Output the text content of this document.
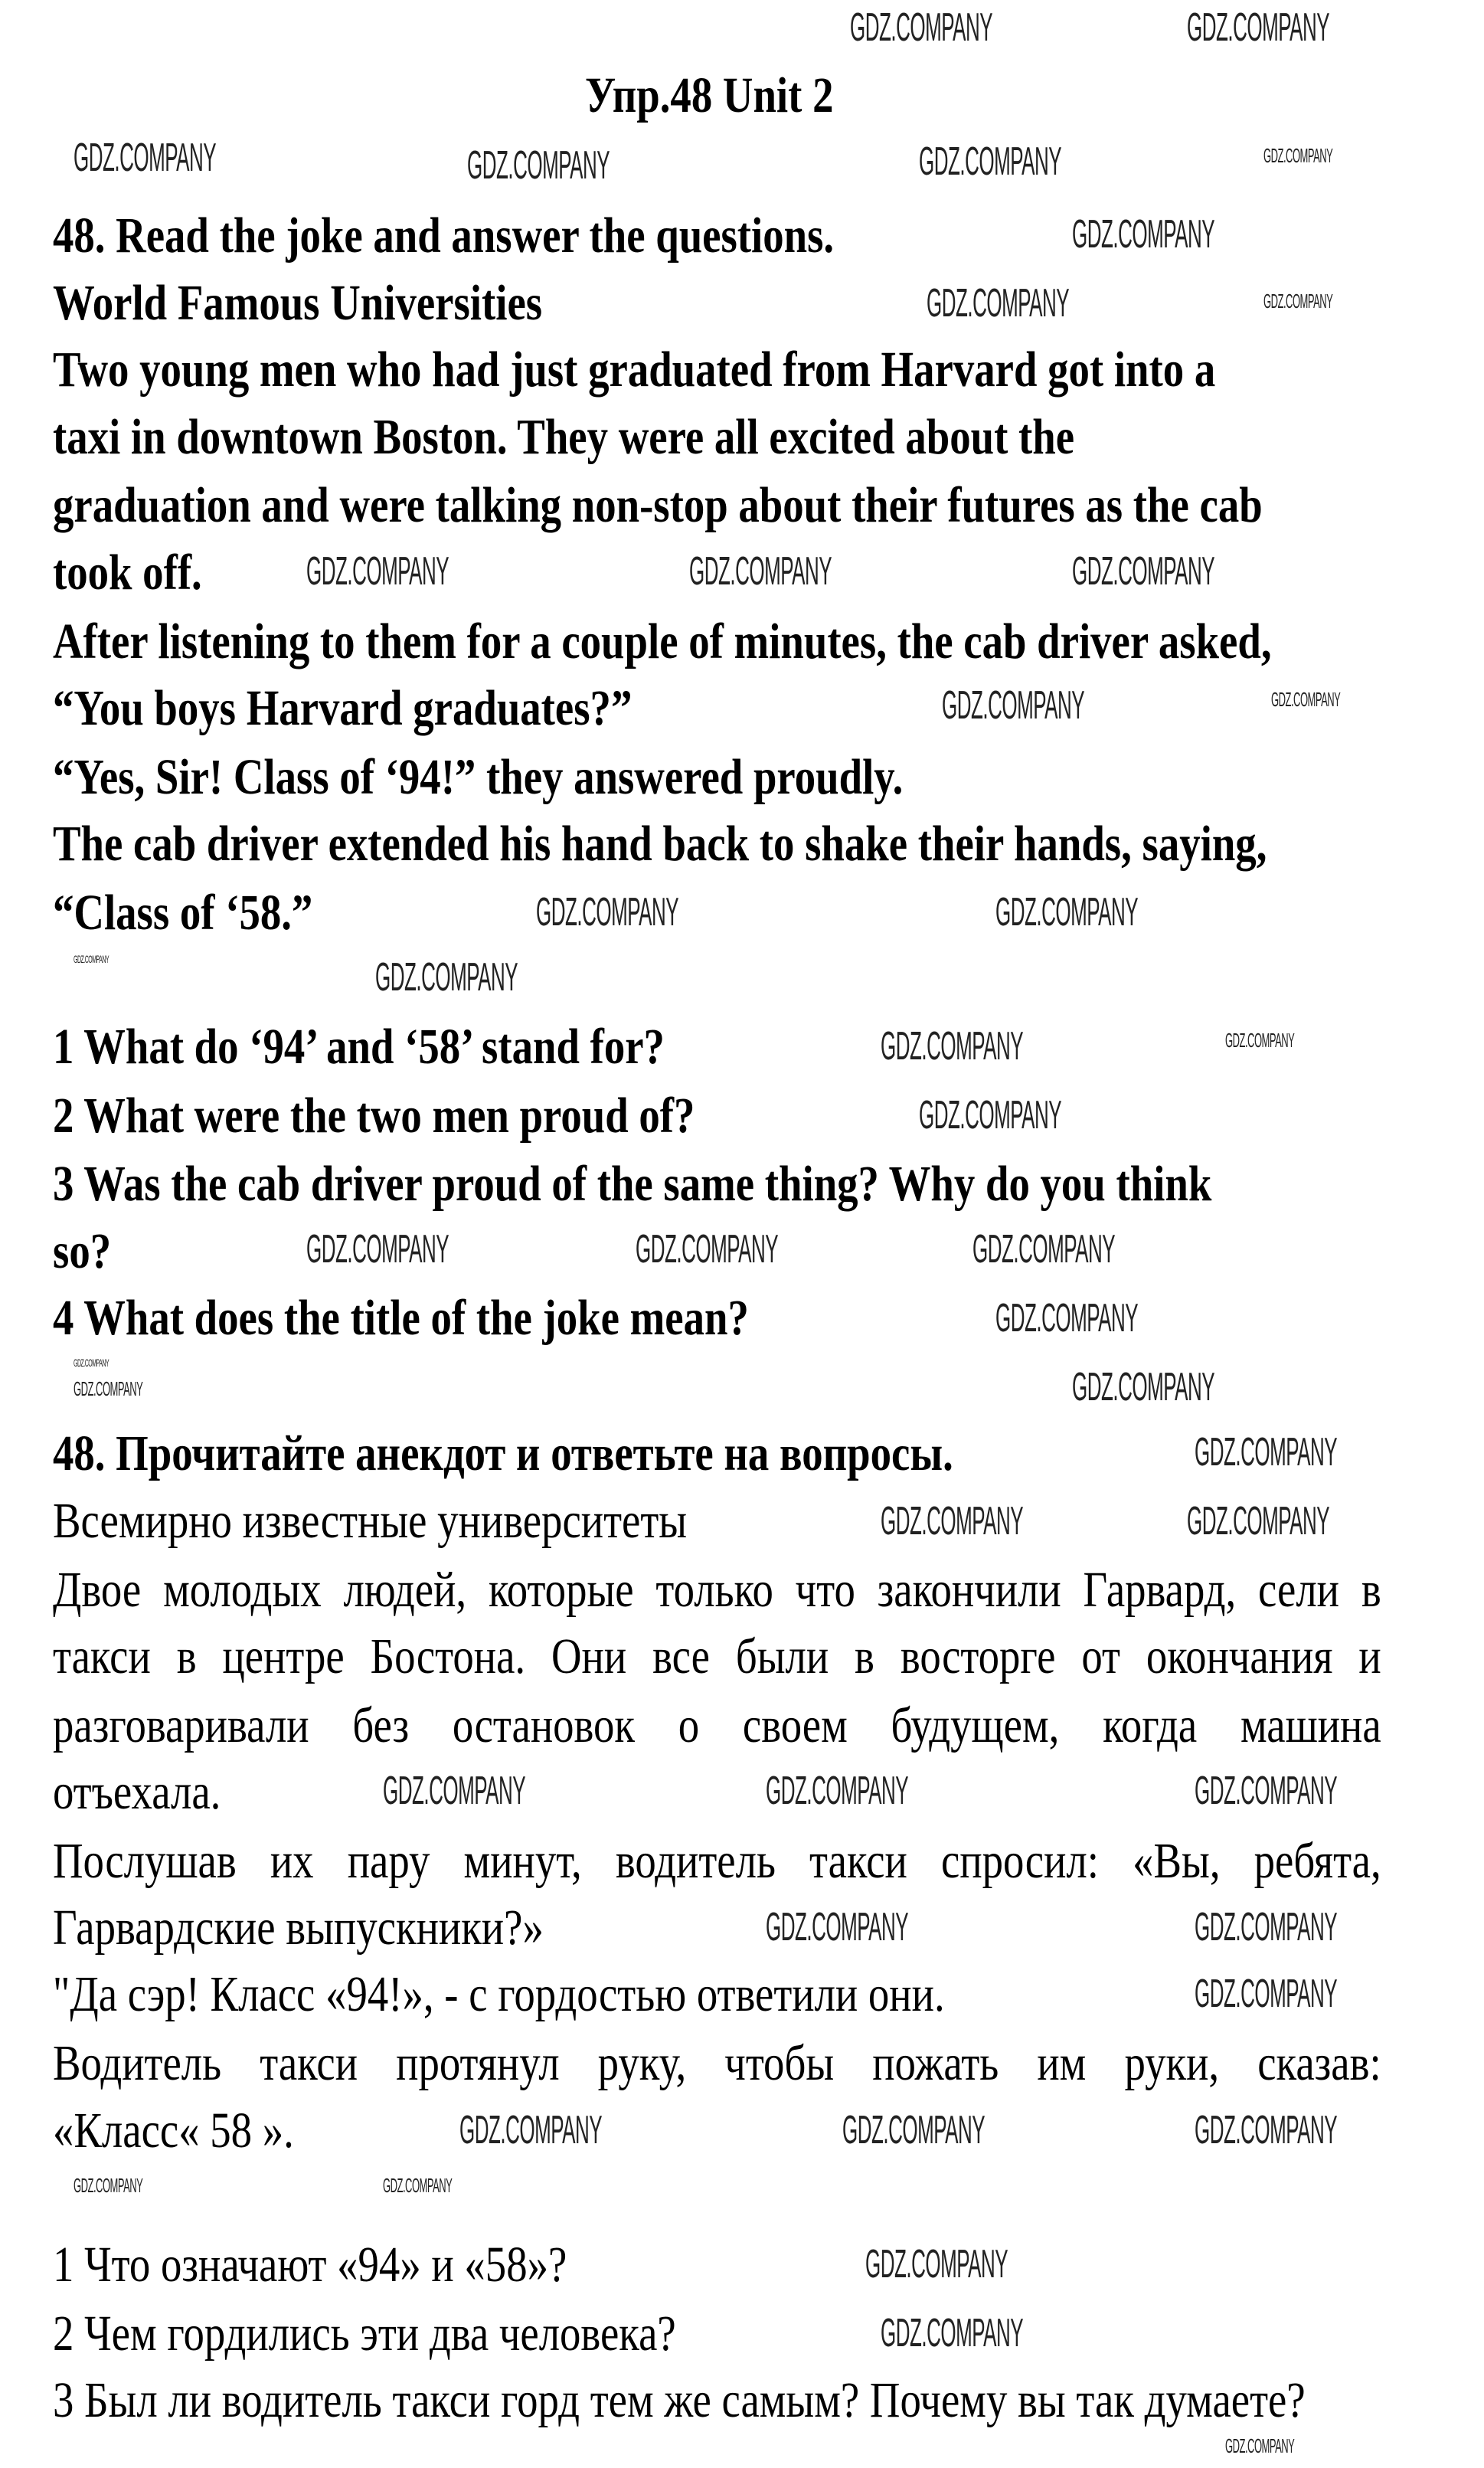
Упр.48 Unit 2
48. Read the joke and answer the questions.
World Famous Universities
Two young men who had just graduated from Harvard got into a
taxi in downtown Boston. They were all excited about the
graduation and were talking non-stop about their futures as the cab
took off.
After listening to them for a couple of minutes, the cab driver asked,
“You boys Harvard graduates?”
“Yes, Sir! Class of ‘94!” they answered proudly.
The cab driver extended his hand back to shake their hands, saying,
“Class of ‘58.”
1 What do ‘94’ and ‘58’ stand for?
2 What were the two men proud of?
3 Was the cab driver proud of the same thing? Why do you think
so?
4 What does the title of the joke mean?
48. Прочитайте анекдот и ответьте на вопросы.
Всемирно известные университеты
Двое молодых людей, которые только что закончили Гарвард, сели в
такси в центре Бостона. Они все были в восторге от окончания и
разговаривали без остановок о своем будущем, когда машина
отъехала.
Послушав их пару минут, водитель такси спросил: «Вы, ребята,
Гарвардские выпускники?»
"Да сэр! Класс «94!», - с гордостью ответили они.
Водитель такси протянул руку, чтобы пожать им руки, сказав:
«Класс« 58 ».
1 Что означают «94» и «58»?
2 Чем гордились эти два человека?
3 Был ли водитель такси горд тем же самым? Почему вы так думаете?
GDZ.COMPANY	GDZ.COMPANY
GDZ.COMPANY	GDZ.COMPANY	GDZ.COMPANY	GDZ.COMPANY
GDZ.COMPANY
GDZ.COMPANY	GDZ.COMPANY
GDZ.COMPANY	GDZ.COMPANY	GDZ.COMPANY
GDZ.COMPANY	GDZ.COMPANY
GDZ.COMPANY	GDZ.COMPANY
GDZ.COMPANY	GDZ.COMPANY
GDZ.COMPANY	GDZ.COMPANY
GDZ.COMPANY
GDZ.COMPANY	GDZ.COMPANY	GDZ.COMPANY
GDZ.COMPANY
GDZ.COMPANY
GDZ.COMPANY	GDZ.COMPANY
GDZ.COMPANY
GDZ.COMPANY	GDZ.COMPANY
GDZ.COMPANY	GDZ.COMPANY	GDZ.COMPANY
GDZ.COMPANY	GDZ.COMPANY
GDZ.COMPANY
GDZ.COMPANY	GDZ.COMPANY	GDZ.COMPANY
GDZ.COMPANY	GDZ.COMPANY
GDZ.COMPANY
GDZ.COMPANY
GDZ.COMPANY
